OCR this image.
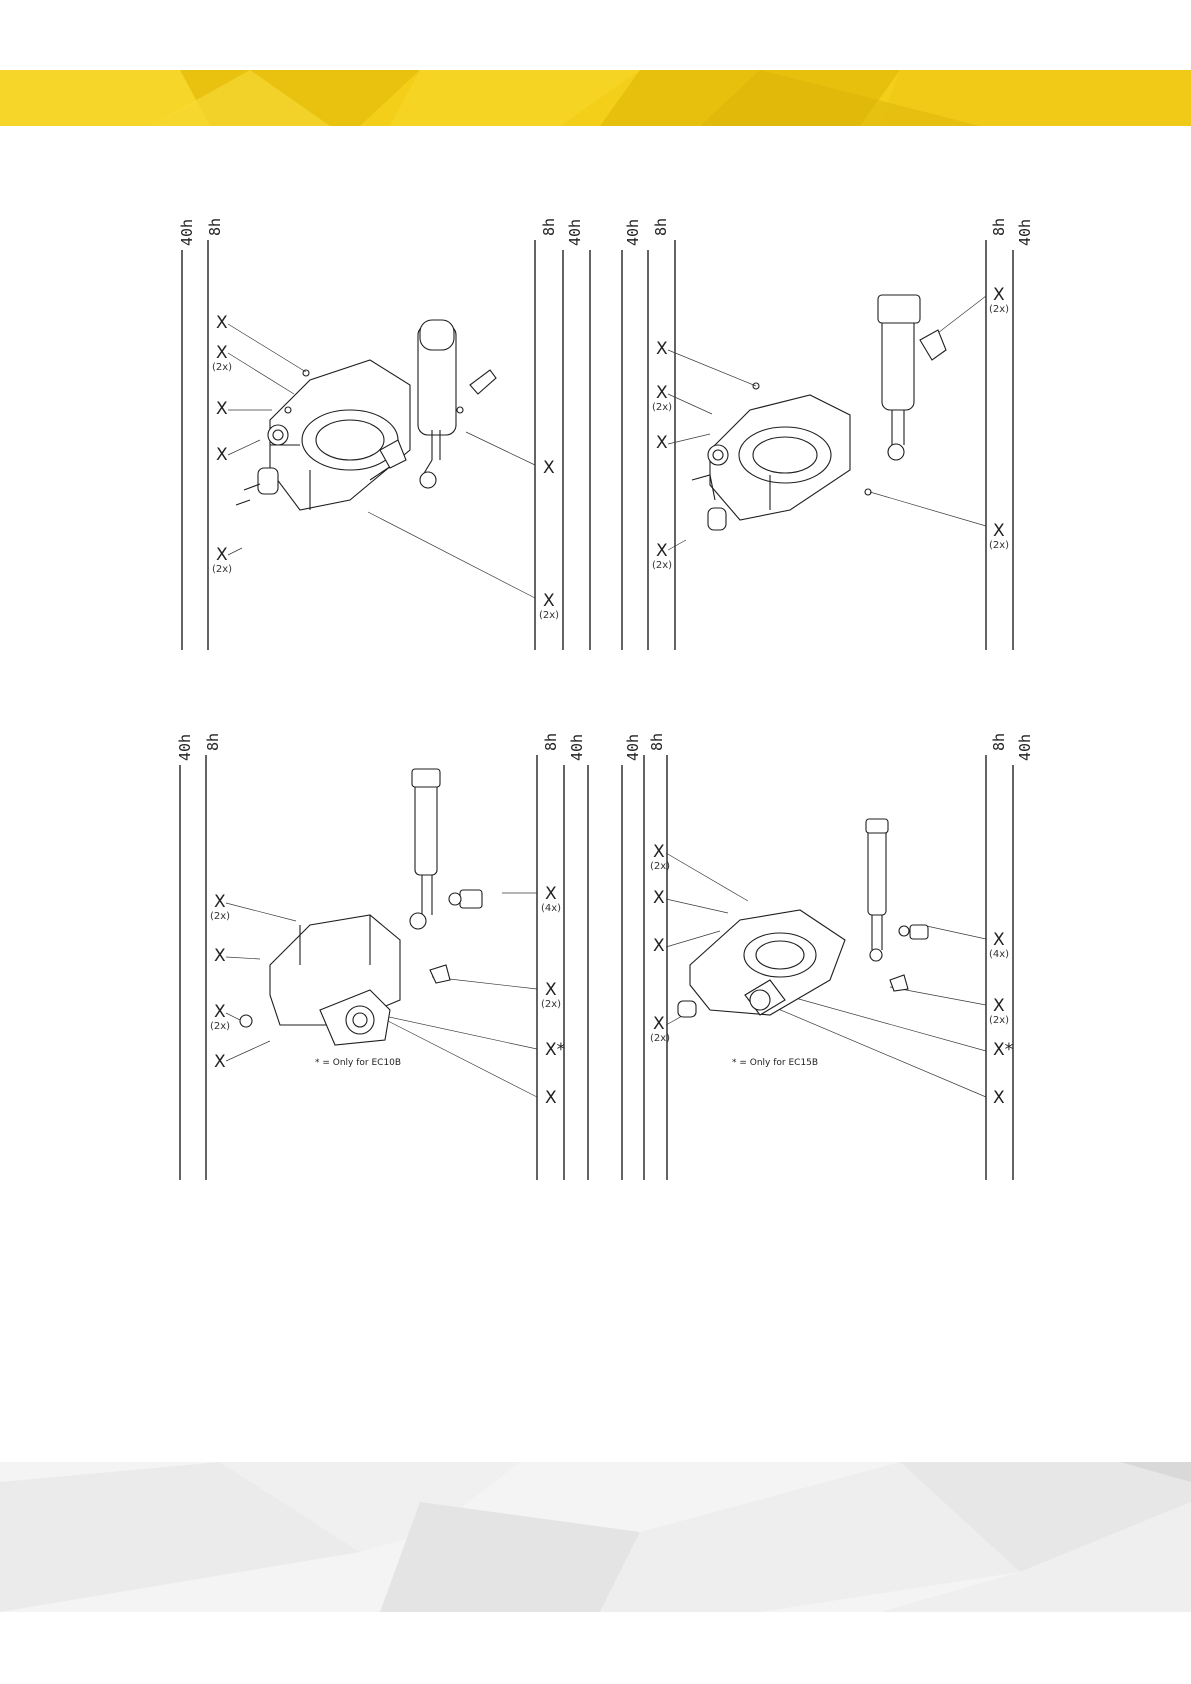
40h 8h	8h 40h
X
X
(2x)
X
X
X
(2x)
X
X
(2x)
40h 8h	8h 40h
X
X
(2x)
X
X
(2x)
X
(2x)
X
(2x)
40h 8h	8h 40h
X
(2x)
X
X
(2x)
X
X
(4x)
X
(2x)
X*
X
* = Only for EC10B
40h 8h	8h 40h
X
(2x)
X
X
X
(2x)
X
(4x)
X
(2x)
X*
X
* = Only for EC15B
